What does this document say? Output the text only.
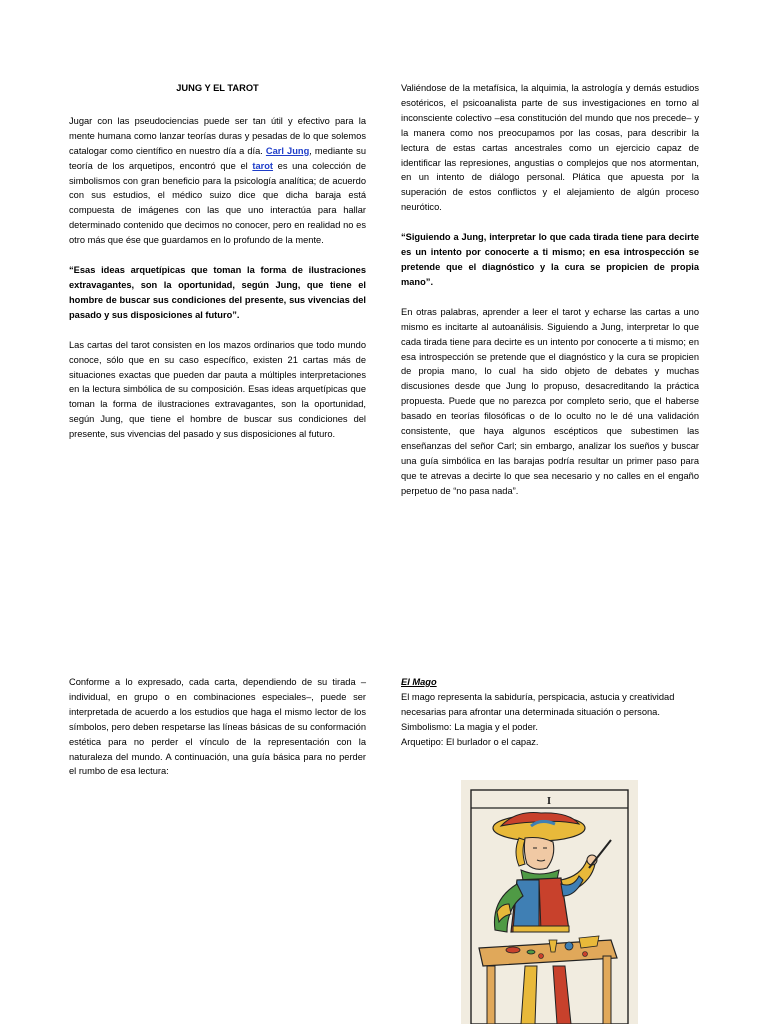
JUNG Y EL TAROT

Jugar con las pseudociencias puede ser tan útil y efectivo para la mente humana como lanzar teorías duras y pesadas de lo que solemos catalogar como científico en nuestro día a día. Carl Jung, mediante su teoría de los arquetipos, encontró que el tarot es una colección de simbolismos con gran beneficio para la psicología analítica; de acuerdo con sus estudios, el médico suizo dice que dicha baraja está compuesta de imágenes con las que uno interactúa para hallar determinado contenido que decimos no conocer, pero en realidad no es otro más que ése que guardamos en lo profundo de la mente.

“Esas ideas arquetípicas que toman la forma de ilustraciones extravagantes, son la oportunidad, según Jung, que tiene el hombre de buscar sus condiciones del presente, sus vivencias del pasado y sus disposiciones al futuro”.

Las cartas del tarot consisten en los mazos ordinarios que todo mundo conoce, sólo que en su caso específico, existen 21 cartas más de situaciones exactas que pueden dar pauta a múltiples interpretaciones en la lectura simbólica de su composición. Esas ideas arquetípicas que toman la forma de ilustraciones extravagantes, son la oportunidad, según Jung, que tiene el hombre de buscar sus condiciones del presente, sus vivencias del pasado y sus disposiciones al futuro.

Valiéndose de la metafísica, la alquimia, la astrología y demás estudios esotéricos, el psicoanalista parte de sus investigaciones en torno al inconsciente colectivo –esa constitución del mundo que nos precede– y la manera como nos preocupamos por las cosas, para describir la lectura de estas cartas ancestrales como un ejercicio capaz de identificar las represiones, angustias o complejos que nos atormentan, en un intento de diálogo personal. Plática que apuesta por la superación de estos conflictos y el alejamiento de algún proceso neurótico.

“Siguiendo a Jung, interpretar lo que cada tirada tiene para decirte es un intento por conocerte a ti mismo; en esa introspección se pretende que el diagnóstico y la cura se propicien de propia mano”.

En otras palabras, aprender a leer el tarot y echarse las cartas a uno mismo es incitarte al autoanálisis. Siguiendo a Jung, interpretar lo que cada tirada tiene para decirte es un intento por conocerte a ti mismo; en esa introspección se pretende que el diagnóstico y la cura se propicien de propia mano, lo cual ha sido objeto de debates y muchas discusiones desde que Jung lo propuso, desacreditando la práctica propuesta. Puede que no parezca por completo serio, que el haberse basado en teorías filosóficas o de lo oculto no le dé una validación consistente, que haya algunos escépticos que subestimen las enseñanzas del señor Carl; sin embargo, analizar los sueños y buscar una guía simbólica en las barajas podría resultar un primer paso para que te atrevas a decirte lo que sea necesario y no calles en el engaño perpetuo de “no pasa nada”.

Conforme a lo expresado, cada carta, dependiendo de su tirada –individual, en grupo o en combinaciones especiales–, puede ser interpretada de acuerdo a los estudios que haga el mismo lector de los símbolos, pero deben respetarse las líneas básicas de su conformación estética para no perder el vínculo de la representación con la naturaleza del mundo. A continuación, una guía básica para no perder el rumbo de esa lectura:

El Mago
El mago representa la sabiduría, perspicacia, astucia y creatividad necesarias para afrontar una determinada situación o persona.
Simbolismo: La magia y el poder.
Arquetipo: El burlador o el capaz.
I
